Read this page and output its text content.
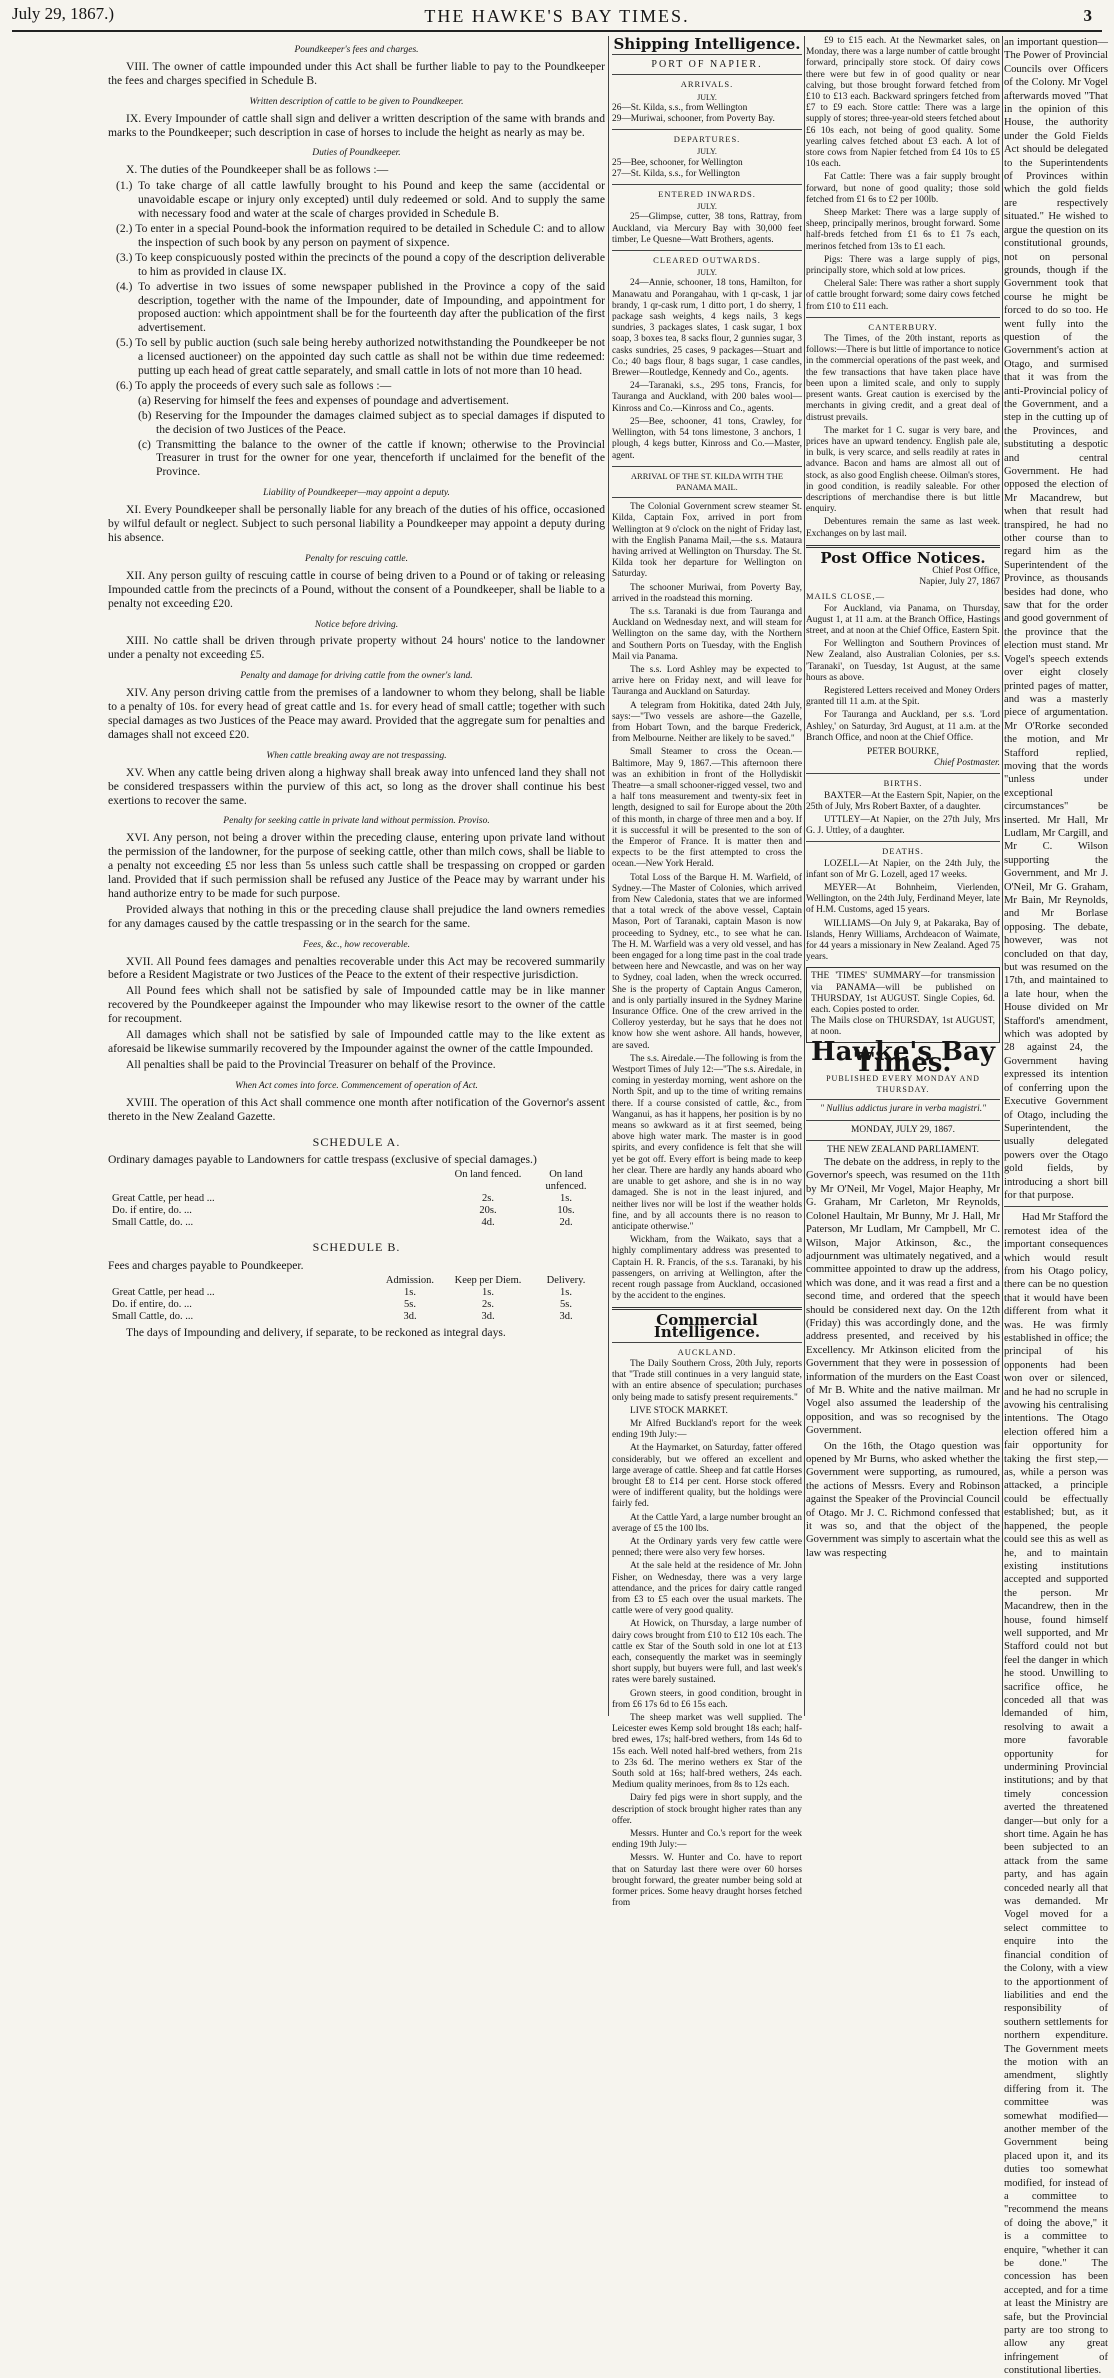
July 29, 1867.)	THE HAWKE'S BAY TIMES.	3
Poundkeeper's fees and charges.
VIII. The owner of cattle impounded under this Act shall be further liable to pay to the Poundkeeper the fees and charges specified in Schedule B.
Written description of cattle to be given to Poundkeeper.
IX. Every Impounder of cattle shall sign and deliver a written description of the same with brands and marks to the Poundkeeper; such description in case of horses to include the height as nearly as may be.
Duties of Poundkeeper.
X. The duties of the Poundkeeper shall be as follows :—
(1.) To take charge of all cattle lawfully brought to his Pound and keep the same (accidental or unavoidable escape or injury only excepted) until duly redeemed or sold. And to supply the same with necessary food and water at the scale of charges provided in Schedule B.
(2.) To enter in a special Pound-book the information required to be detailed in Schedule C: and to allow the inspection of such book by any person on payment of sixpence.
(3.) To keep conspicuously posted within the precincts of the pound a copy of the description deliverable to him as provided in clause IX.
(4.) To advertise in two issues of some newspaper published in the Province a copy of the said description, together with the name of the Impounder, date of Impounding, and appointment for proposed auction: which appointment shall be for the fourteenth day after the publication of the first advertisement.
(5.) To sell by public auction (such sale being hereby authorized notwithstanding the Poundkeeper be not a licensed auctioneer) on the appointed day such cattle as shall not be within due time redeemed: putting up each head of great cattle separately, and small cattle in lots of not more than 10 head.
(6.) To apply the proceeds of every such sale as follows :—
(a) Reserving for himself the fees and expenses of poundage and advertisement.
(b) Reserving for the Impounder the damages claimed subject as to special damages if disputed to the decision of two Justices of the Peace.
(c) Transmitting the balance to the owner of the cattle if known; otherwise to the Provincial Treasurer in trust for the owner for one year, thenceforth if unclaimed for the benefit of the Province.
Liability of Poundkeeper—may appoint a deputy.
XI. Every Poundkeeper shall be personally liable for any breach of the duties of his office, occasioned by wilful default or neglect. Subject to such personal liability a Poundkeeper may appoint a deputy during his absence.
Penalty for rescuing cattle.
XII. Any person guilty of rescuing cattle in course of being driven to a Pound or of taking or releasing Impounded cattle from the precincts of a Pound, without the consent of a Poundkeeper, shall be liable to a penalty not exceeding £20.
Notice before driving.
XIII. No cattle shall be driven through private property without 24 hours' notice to the landowner under a penalty not exceeding £5.
Penalty and damage for driving cattle from the owner's land.
XIV. Any person driving cattle from the premises of a landowner to whom they belong, shall be liable to a penalty of 10s. for every head of great cattle and 1s. for every head of small cattle; together with such special damages as two Justices of the Peace may award. Provided that the aggregate sum for penalties and damages shall not exceed £20.
When cattle breaking away are not trespassing.
XV. When any cattle being driven along a highway shall break away into unfenced land they shall not be considered trespassers within the purview of this act, so long as the drover shall continue his best exertions to recover the same.
Penalty for seeking cattle in private land without permission. Proviso.
XVI. Any person, not being a drover within the preceding clause, entering upon private land without the permission of the landowner, for the purpose of seeking cattle, other than milch cows, shall be liable to a penalty not exceeding £5 nor less than 5s unless such cattle shall be trespassing on cropped or garden land. Provided that if such permission shall be refused any Justice of the Peace may by warrant under his hand authorize entry to be made for such purpose.
Provided always that nothing in this or the preceding clause shall prejudice the land owners remedies for any damages caused by the cattle trespassing or in the search for the same.
Fees, &c., how recoverable.
XVII. All Pound fees damages and penalties recoverable under this Act may be recovered summarily before a Resident Magistrate or two Justices of the Peace to the extent of their respective jurisdiction.
All Pound fees which shall not be satisfied by sale of Impounded cattle may be in like manner recovered by the Poundkeeper against the Impounder who may likewise resort to the owner of the cattle for recoupment.
All damages which shall not be satisfied by sale of Impounded cattle may to the like extent as aforesaid be likewise summarily recovered by the Impounder against the owner of the cattle Impounded.
All penalties shall be paid to the Provincial Treasurer on behalf of the Province.
When Act comes into force. Commencement of operation of Act.
XVIII. The operation of this Act shall commence one month after notification of the Governor's assent thereto in the New Zealand Gazette.
SCHEDULE A.
Ordinary damages payable to Landowners for cattle trespass (exclusive of special damages.)
	On land fenced.	On land unfenced.
Great Cattle, per head ...	2s.	1s.
Do. if entire, do. ...	20s.	10s.
Small Cattle, do. ...	4d.	2d.
SCHEDULE B.
Fees and charges payable to Poundkeeper.
	Admission.	Keep per Diem.	Delivery.
Great Cattle, per head ...	1s.	1s.	1s.
Do. if entire, do. ...	5s.	2s.	5s.
Small Cattle, do. ...	3d.	3d.	3d.
The days of Impounding and delivery, if separate, to be reckoned as integral days.
Shipping Intelligence.
PORT OF NAPIER.
ARRIVALS.
JULY.
26—St. Kilda, s.s., from Wellington
29—Muriwai, schooner, from Poverty Bay.
DEPARTURES.
JULY.
25—Bee, schooner, for Wellington
27—St. Kilda, s.s., for Wellington
ENTERED INWARDS.
JULY.
25—Glimpse, cutter, 38 tons, Rattray, from Auckland, via Mercury Bay with 30,000 feet timber, Le Quesne—Watt Brothers, agents.
CLEARED OUTWARDS.
JULY.
24—Annie, schooner, 18 tons, Hamilton, for Manawatu and Porangahau, with 1 qr-cask, 1 jar brandy, 1 qr-cask rum, 1 ditto port, 1 do sherry, 1 package sash weights, 4 kegs nails, 3 kegs sundries, 3 packages slates, 1 cask sugar, 1 box soap, 3 boxes tea, 8 sacks flour, 2 gunnies sugar, 3 casks sundries, 25 cases, 9 packages—Stuart and Co.; 40 bags flour, 8 bags sugar, 1 case candles, Brewer—Routledge, Kennedy and Co., agents.
24—Taranaki, s.s., 295 tons, Francis, for Tauranga and Auckland, with 200 bales wool—Kinross and Co.—Kinross and Co., agents.
25—Bee, schooner, 41 tons, Crawley, for Wellington, with 54 tons limestone, 3 anchors, 1 plough, 4 kegs butter, Kinross and Co.—Master, agent.
ARRIVAL OF THE ST. KILDA WITH THE PANAMA MAIL.
The Colonial Government screw steamer St. Kilda, Captain Fox, arrived in port from Wellington at 9 o'clock on the night of Friday last, with the English Panama Mail,—the s.s. Mataura having arrived at Wellington on Thursday. The St. Kilda took her departure for Wellington on Saturday.
The schooner Muriwai, from Poverty Bay, arrived in the roadstead this morning.
The s.s. Taranaki is due from Tauranga and Auckland on Wednesday next, and will steam for Wellington on the same day, with the Northern and Southern Ports on Tuesday, with the English Mail via Panama.
The s.s. Lord Ashley may be expected to arrive here on Friday next, and will leave for Tauranga and Auckland on Saturday.
A telegram from Hokitika, dated 24th July, says:—"Two vessels are ashore—the Gazelle, from Hobart Town, and the barque Frederick, from Melbourne. Neither are likely to be saved."
Small Steamer to cross the Ocean.—Baltimore, May 9, 1867.—This afternoon there was an exhibition in front of the Hollydiskit Theatre—a small schooner-rigged vessel, two and a half tons measurement and twenty-six feet in length, designed to sail for Europe about the 20th of this month, in charge of three men and a boy. If it is successful it will be presented to the son of the Emperor of France. It is matter then and expects to be the first attempted to cross the ocean.—New York Herald.
Total Loss of the Barque H. M. Warfield, of Sydney.—The Master of Colonies, which arrived from New Caledonia, states that we are informed that a total wreck of the above vessel, Captain Mason, Port of Taranaki, captain Mason is now proceeding to Sydney, etc., to see what he can. The H. M. Warfield was a very old vessel, and has been engaged for a long time past in the coal trade between here and Newcastle, and was on her way to Sydney, coal laden, when the wreck occurred. She is the property of Captain Angus Cameron, and is only partially insured in the Sydney Marine Insurance Office. One of the crew arrived in the Colleroy yesterday, but he says that he does not know how she went ashore. All hands, however, are saved.
The s.s. Airedale.—The following is from the Westport Times of July 12:—"The s.s. Airedale, in coming in yesterday morning, went ashore on the North Spit, and up to the time of writing remains there. If a course consisted of cattle, &c., from Wanganui, as has it happens, her position is by no means so awkward as it at first seemed, being above high water mark. The master is in good spirits, and every confidence is felt that she will yet be got off. Every effort is being made to keep her clear. There are hardly any hands aboard who are unable to get ashore, and she is in no way damaged. She is not in the least injured, and neither lives nor will be lost if the weather holds fine, and by all accounts there is no reason to anticipate otherwise."
Wickham, from the Waikato, says that a highly complimentary address was presented to Captain H. R. Francis, of the s.s. Taranaki, by his passengers, on arriving at Wellington, after the recent rough passage from Auckland, occasioned by the accident to the engines.
Commercial Intelligence.
AUCKLAND.
The Daily Southern Cross, 20th July, reports that "Trade still continues in a very languid state, with an entire absence of speculation; purchases only being made to satisfy present requirements."
LIVE STOCK MARKET.
Mr Alfred Buckland's report for the week ending 19th July:—
At the Haymarket, on Saturday, fatter offered considerably, but we offered an excellent and large average of cattle. Sheep and fat cattle Horses brought £8 to £14 per cent. Horse stock offered were of indifferent quality, but the holdings were fairly fed.
At the Cattle Yard, a large number brought an average of £5 the 100 lbs.
At the Ordinary yards very few cattle were penned; there were also very few horses.
At the sale held at the residence of Mr. John Fisher, on Wednesday, there was a very large attendance, and the prices for dairy cattle ranged from £3 to £5 each over the usual markets. The cattle were of very good quality.
At Howick, on Thursday, a large number of dairy cows brought from £10 to £12 10s each. The cattle ex Star of the South sold in one lot at £13 each, consequently the market was in seemingly short supply, but buyers were full, and last week's rates were barely sustained.
Grown steers, in good condition, brought in from £6 17s 6d to £6 15s each.
The sheep market was well supplied. The Leicester ewes Kemp sold brought 18s each; half-bred ewes, 17s; half-bred wethers, from 14s 6d to 15s each. Well noted half-bred wethers, from 21s to 23s 6d. The merino wethers ex Star of the South sold at 16s; half-bred wethers, 24s each. Medium quality merinoes, from 8s to 12s each.
Dairy fed pigs were in short supply, and the description of stock brought higher rates than any offer.
Messrs. Hunter and Co.'s report for the week ending 19th July:—
Messrs. W. Hunter and Co. have to report that on Saturday last there were over 60 horses brought forward, the greater number being sold at former prices. Some heavy draught horses fetched from
£9 to £15 each. At the Newmarket sales, on Monday, there was a large number of cattle brought forward, principally store stock. Of dairy cows there were but few in of good quality or near calving, but those brought forward fetched from £10 to £13 each. Backward springers fetched from £7 to £9 each. Store cattle: There was a large supply of stores; three-year-old steers fetched about £6 10s each, not being of good quality. Some yearling calves fetched about £3 each. A lot of store cows from Napier fetched from £4 10s to £5 10s each.
Fat Cattle: There was a fair supply brought forward, but none of good quality; those sold fetched from £1 6s to £2 per 100lb.
Sheep Market: There was a large supply of sheep, principally merinos, brought forward. Some half-breds fetched from £1 6s to £1 7s each, merinos fetched from 13s to £1 each.
Pigs: There was a large supply of pigs, principally store, which sold at low prices.
Cheleral Sale: There was rather a short supply of cattle brought forward; some dairy cows fetched from £10 to £11 each.
CANTERBURY.
The Times, of the 20th instant, reports as follows:—There is but little of importance to notice in the commercial operations of the past week, and the few transactions that have taken place have been upon a limited scale, and only to supply present wants. Great caution is exercised by the merchants in giving credit, and a great deal of distrust prevails.
The market for 1 C. sugar is very bare, and prices have an upward tendency. English pale ale, in bulk, is very scarce, and sells readily at rates in advance. Bacon and hams are almost all out of stock, as also good English cheese. Oilman's stores, in good condition, is readily saleable. For other descriptions of merchandise there is but little enquiry.
Debentures remain the same as last week. Exchanges on by last mail.
Post Office Notices.
Chief Post Office,
Napier, July 27, 1867
MAILS CLOSE,—
For Auckland, via Panama, on Thursday, August 1, at 11 a.m. at the Branch Office, Hastings street, and at noon at the Chief Office, Eastern Spit.
For Wellington and Southern Provinces of New Zealand, also Australian Colonies, per s.s. 'Taranaki', on Tuesday, 1st August, at the same hours as above.
Registered Letters received and Money Orders granted till 11 a.m. at the Spit.
For Tauranga and Auckland, per s.s. 'Lord Ashley,' on Saturday, 3rd August, at 11 a.m. at the Branch Office, and noon at the Chief Office.
PETER BOURKE,
Chief Postmaster.
BIRTHS.
BAXTER—At the Eastern Spit, Napier, on the 25th of July, Mrs Robert Baxter, of a daughter.
UTTLEY—At Napier, on the 27th July, Mrs G. J. Uttley, of a daughter.
DEATHS.
LOZELL—At Napier, on the 24th July, the infant son of Mr G. Lozell, aged 17 weeks.
MEYER—At Bohnheim, Vierlenden, Wellington, on the 24th July, Ferdinand Meyer, late of H.M. Customs, aged 15 years.
WILLIAMS—On July 9, at Pakaraka, Bay of Islands, Henry Williams, Archdeacon of Waimate, for 44 years a missionary in New Zealand. Aged 75 years.
THE 'TIMES' SUMMARY—for transmission via PANAMA—will be published on THURSDAY, 1st AUGUST. Single Copies, 6d. each. Copies posted to order.
The Mails close on THURSDAY, 1st AUGUST, at noon.
Hawke's Bay Times.
PUBLISHED EVERY MONDAY AND THURSDAY.
" Nullius addictus jurare in verba magistri."
MONDAY, JULY 29, 1867.
THE NEW ZEALAND PARLIAMENT.
The debate on the address, in reply to the Governor's speech, was resumed on the 11th by Mr O'Neil, Mr Vogel, Major Heaphy, Mr G. Graham, Mr Carleton, Mr Reynolds, Colonel Haultain, Mr Bunny, Mr J. Hall, Mr Paterson, Mr Ludlam, Mr Campbell, Mr C. Wilson, Major Atkinson, &c., the adjournment was ultimately negatived, and a committee appointed to draw up the address, which was done, and it was read a first and a second time, and ordered that the speech should be considered next day. On the 12th (Friday) this was accordingly done, and the address presented, and received by his Excellency. Mr Atkinson elicited from the Government that they were in possession of information of the murders on the East Coast of Mr B. White and the native mailman. Mr Vogel also assumed the leadership of the opposition, and was so recognised by the Government.
On the 16th, the Otago question was opened by Mr Burns, who asked whether the Government were supporting, as rumoured, the actions of Messrs. Every and Robinson against the Speaker of the Provincial Council of Otago. Mr J. C. Richmond confessed that it was so, and that the object of the Government was simply to ascertain what the law was respecting
an important question—The Power of Provincial Councils over Officers of the Colony. Mr Vogel afterwards moved "That in the opinion of this House, the authority under the Gold Fields Act should be delegated to the Superintendents of Provinces within which the gold fields are respectively situated." He wished to argue the question on its constitutional grounds, not on personal grounds, though if the Government took that course he might be forced to do so too. He went fully into the question of the Government's action at Otago, and surmised that it was from the anti-Provincial policy of the Government, and a step in the cutting up of the Provinces, and substituting a despotic and central Government. He had opposed the election of Mr Macandrew, but when that result had transpired, he had no other course than to regard him as the Superintendent of the Province, as thousands besides had done, who saw that for the order and good government of the province that the election must stand. Mr Vogel's speech extends over eight closely printed pages of matter, and was a masterly piece of argumentation. Mr O'Rorke seconded the motion, and Mr Stafford replied, moving that the words "unless under exceptional circumstances" be inserted. Mr Hall, Mr Ludlam, Mr Cargill, and Mr C. Wilson supporting the Government, and Mr J. O'Neil, Mr G. Graham, Mr Bain, Mr Reynolds, and Mr Borlase opposing. The debate, however, was not concluded on that day, but was resumed on the 17th, and maintained to a late hour, when the House divided on Mr Stafford's amendment, which was adopted by 28 against 24, the Government having expressed its intention of conferring upon the Executive Government of Otago, including the Superintendent, the usually delegated powers over the Otago gold fields, by introducing a short bill for that purpose.
Had Mr Stafford the remotest idea of the important consequences which would result from his Otago policy, there can be no question that it would have been different from what it was. He was firmly established in office; the principal of his opponents had been won over or silenced, and he had no scruple in avowing his centralising intentions. The Otago election offered him a fair opportunity for taking the first step,—as, while a person was attacked, a principle could be effectually established; but, as it happened, the people could see this as well as he, and to maintain existing institutions accepted and supported the person. Mr Macandrew, then in the house, found himself well supported, and Mr Stafford could not but feel the danger in which he stood. Unwilling to sacrifice office, he conceded all that was demanded of him, resolving to await a more favorable opportunity for undermining Provincial institutions; and by that timely concession averted the threatened danger—but only for a short time. Again he has been subjected to an attack from the same party, and has again conceded nearly all that was demanded. Mr Vogel moved for a select committee to enquire into the financial condition of the Colony, with a view to the apportionment of liabilities and end the responsibility of southern settlements for northern expenditure. The Government meets the motion with an amendment, slightly differing from it. The committee was somewhat modified—another member of the Government being placed upon it, and its duties too somewhat modified, for instead of a committee to "recommend the means of doing the above," it is a committee to enquire, "whether it can be done." The concession has been accepted, and for a time at least the Ministry are safe, but the Provincial party are too strong to allow any great infringement of constitutional liberties.
